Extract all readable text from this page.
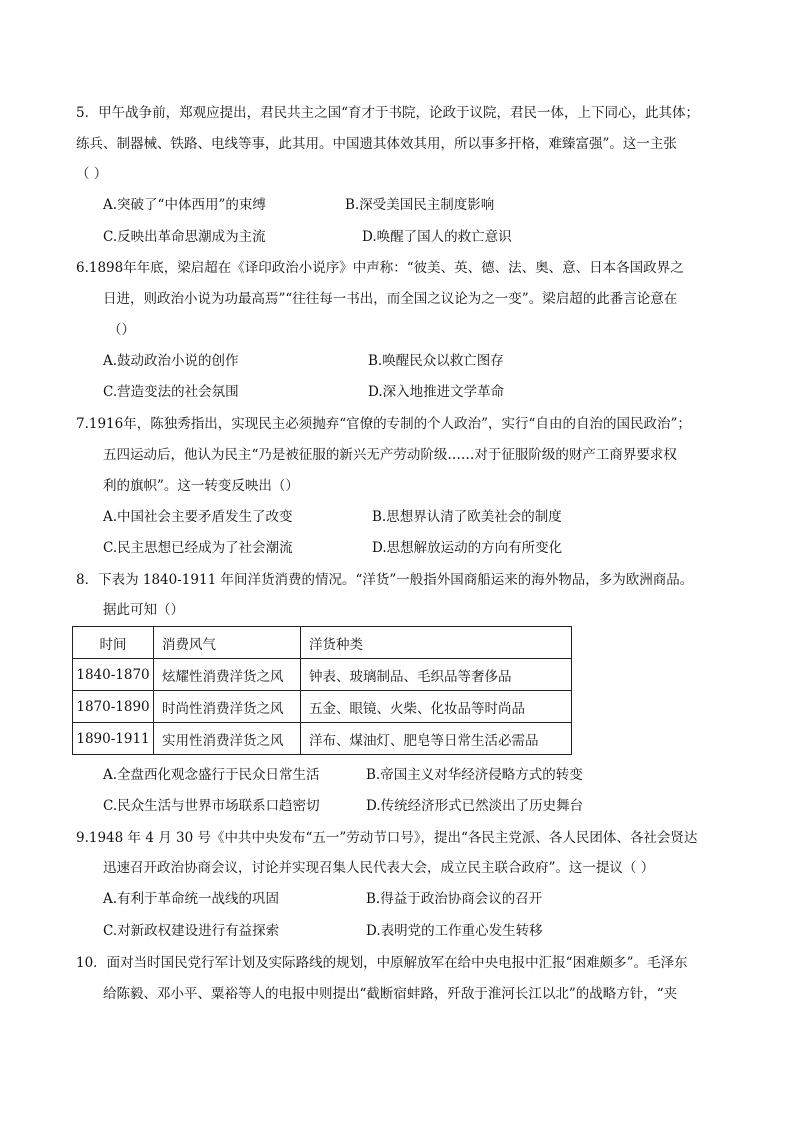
5．甲午战争前，郑观应提出，君民共主之国“育才于书院，论政于议院，君民一体，上下同心，此其体；
练兵、制器械、铁路、电线等事，此其用。中国遗其体效其用，所以事多扞格，难臻富强”。这一主张
（ ）
A.突破了“中体西用”的束缚	B.深受美国民主制度影响
C.反映出革命思潮成为主流	D.唤醒了国人的救亡意识
6.1898年年底，梁启超在《译印政治小说序》中声称：“彼美、英、德、法、奥、意、日本各国政界之
日进，则政治小说为功最高焉”“往往每一书出，而全国之议论为之一变”。梁启超的此番言论意在
（）
A.鼓动政治小说的创作	B.唤醒民众以救亡图存
C.营造变法的社会氛围	D.深入地推进文学革命
7.1916年，陈独秀指出，实现民主必须抛弃“官僚的专制的个人政治”，实行“自由的自治的国民政治”；
五四运动后，他认为民主“乃是被征服的新兴无产劳动阶级……对于征服阶级的财产工商界要求权
利的旗帜”。这一转变反映出（）
A.中国社会主要矛盾发生了改变	B.思想界认清了欧美社会的制度
C.民主思想已经成为了社会潮流	D.思想解放运动的方向有所变化
8．下表为 1840-1911 年间洋货消费的情况。“洋货”一般指外国商船运来的海外物品，多为欧洲商品。
据此可知（）
时间	消费风气	洋货种类
1840-1870	炫耀性消费洋货之风	钟表、玻璃制品、毛织品等奢侈品
1870-1890	时尚性消费洋货之风	五金、眼镜、火柴、化妆品等时尚品
1890-1911	实用性消费洋货之风	洋布、煤油灯、肥皂等日常生活必需品
A.全盘西化观念盛行于民众日常生活	B.帝国主义对华经济侵略方式的转变
C.民众生活与世界市场联系口趋密切	D.传统经济形式已然淡出了历史舞台
9.1948 年 4 月 30 号《中共中央发布“五一”劳动节口号》，提出“各民主党派、各人民团体、各社会贤达
迅速召开政治协商会议，讨论并实现召集人民代表大会，成立民主联合政府”。这一提议（ ）
A.有利于革命统一战线的巩固	B.得益于政治协商会议的召开
C.对新政权建设进行有益探索	D.表明党的工作重心发生转移
10．面对当时国民党行军计划及实际路线的规划，中原解放军在给中央电报中汇报“困难颇多”。毛泽东
给陈毅、邓小平、粟裕等人的电报中则提出“截断宿蚌路，歼敌于淮河长江以北”的战略方针，“夹
